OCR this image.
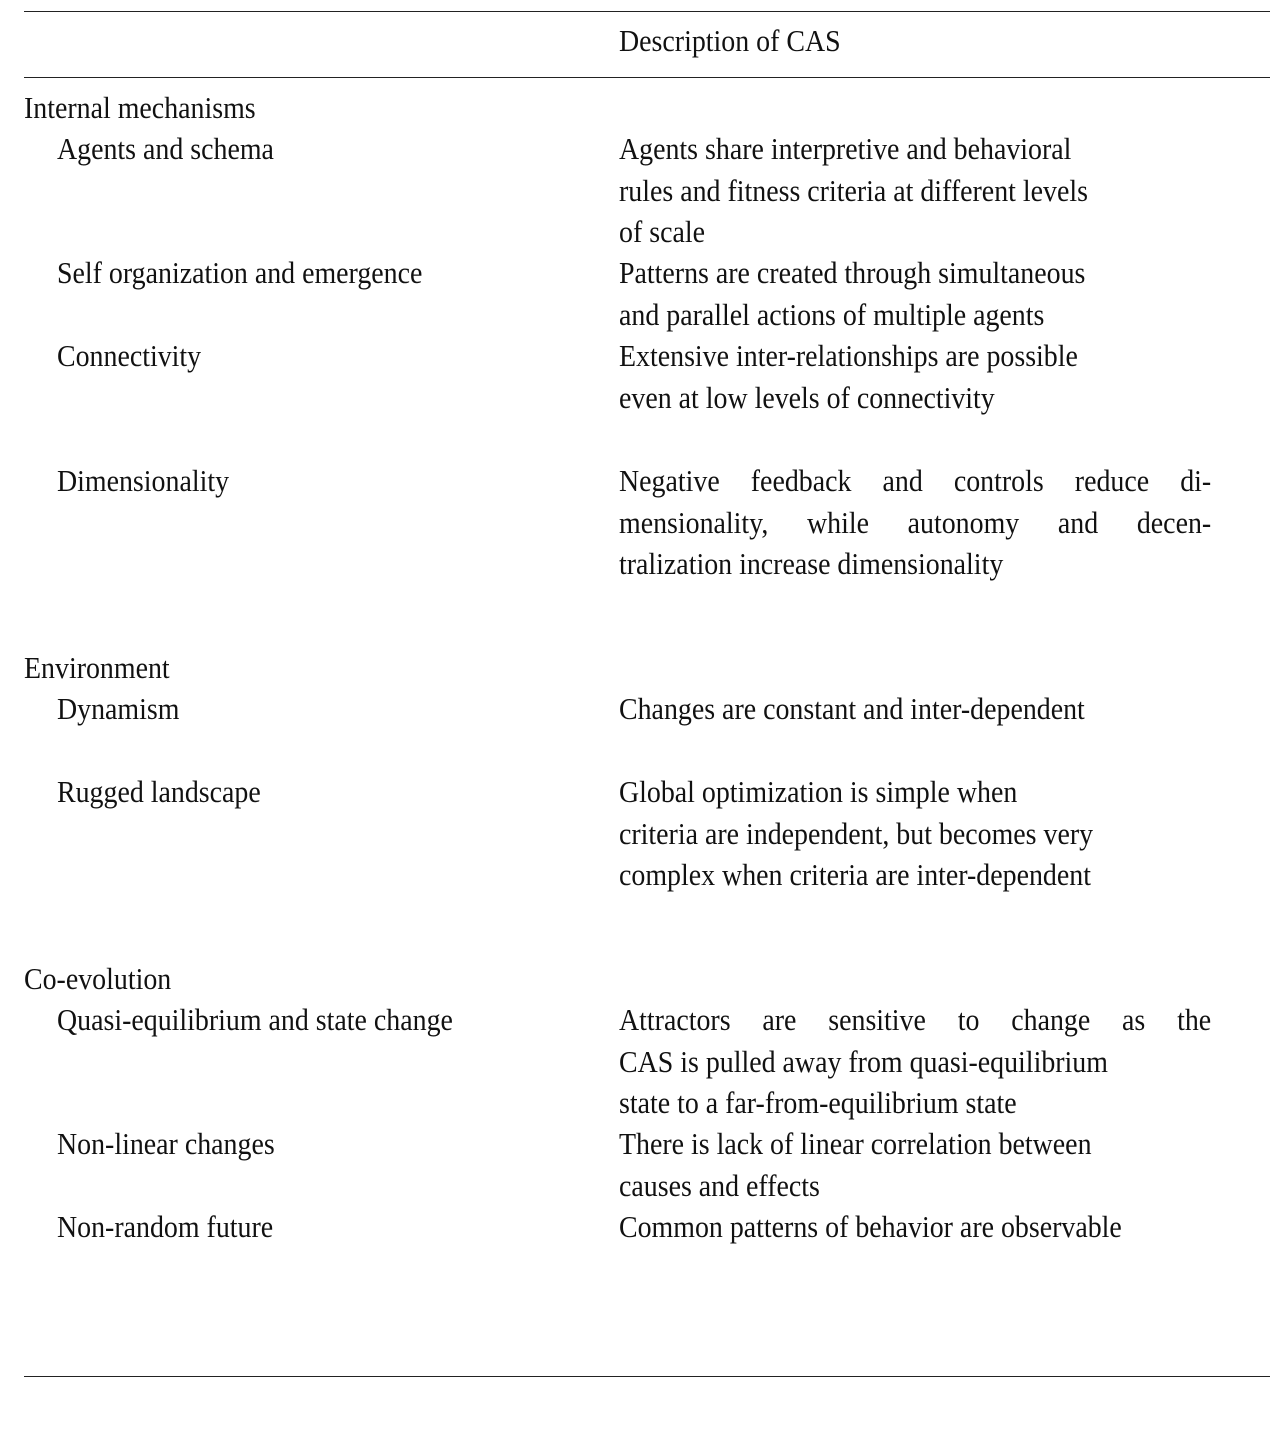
Description of CAS
Internal mechanisms
Agents and schema	Agents share interpretive and behavioral
rules and fitness criteria at different levels
of scale
Self organization and emergence	Patterns are created through simultaneous
and parallel actions of multiple agents
Connectivity	Extensive inter-relationships are possible
even at low levels of connectivity
Dimensionality	Negative feedback and controls reduce di-
mensionality, while autonomy and decen-
tralization increase dimensionality
Environment
Dynamism	Changes are constant and inter-dependent
Rugged landscape	Global optimization is simple when
criteria are independent, but becomes very
complex when criteria are inter-dependent
Co-evolution
Quasi-equilibrium and state change	Attractors are sensitive to change as the
CAS is pulled away from quasi-equilibrium
state to a far-from-equilibrium state
Non-linear changes	There is lack of linear correlation between
causes and effects
Non-random future	Common patterns of behavior are observable
